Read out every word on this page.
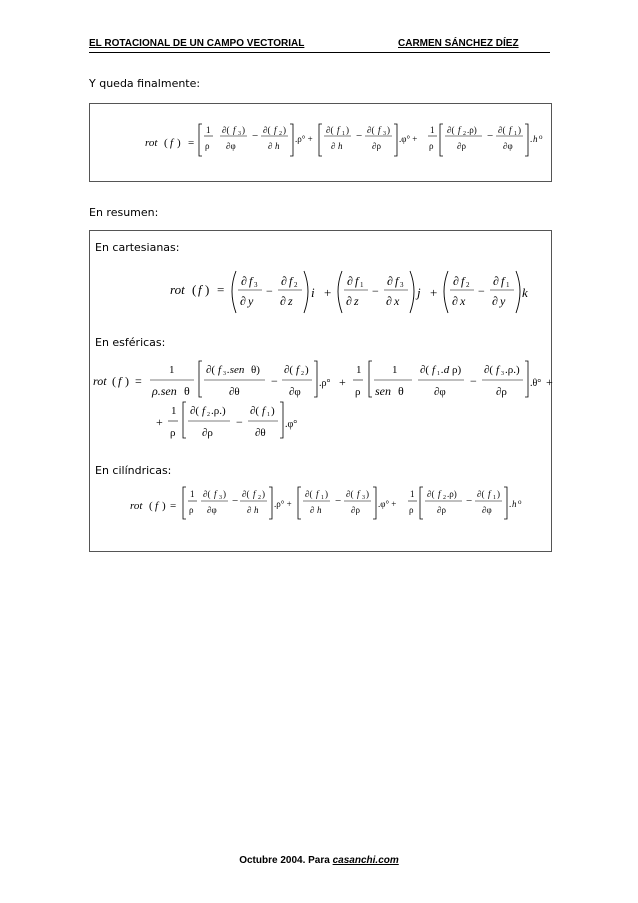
EL ROTACIONAL DE UN CAMPO VECTORIAL	CARMEN SÁNCHEZ DÍEZ
Y queda finalmente:
rot ( f ) =
1
ρ
∂( f 3 )
∂φ
− ∂( f 2 )
∂ h
.ρ° +
∂( f 1 )
∂ h
− ∂( f 3 )
∂ρ
.φ° +
1
ρ
∂( f 2 .ρ)
∂ρ
− ∂( f 1 )
∂φ
. h o
En resumen:
En cartesianas:
rot ( f ) =
∂ f 3
∂ y
−
∂ f 2
∂ z
i +
∂ f 1
∂ z
−
∂ f 3
∂ x
j +
∂ f 2
∂ x
−
∂ f 1
∂ y
k
En esféricas:
rot ( f ) =
1
ρ.sen θ
∂( f 3 .sen θ)
∂θ
−
∂( f 2 )
∂φ
.ρ° +
1
ρ
1
sen θ
∂( f 1 .d ρ)
∂φ
−
∂( f 3 .ρ.)
∂ρ
.θ° +
+
1
ρ
∂( f 2 .ρ.)
∂ρ
−
∂( f 1 )
∂θ
.φ°
En cilíndricas:
rot ( f ) =
1
ρ
∂( f 3 )
∂φ
−
∂( f 2 )
∂ h
.ρ° +
∂( f 1 )
∂ h
−
∂( f 3 )
∂ρ
.φ° +
1
ρ
∂( f 2 .ρ)
∂ρ
−
∂( f 1 )
∂φ
. h o
Octubre 2004. Para casanchi.com
